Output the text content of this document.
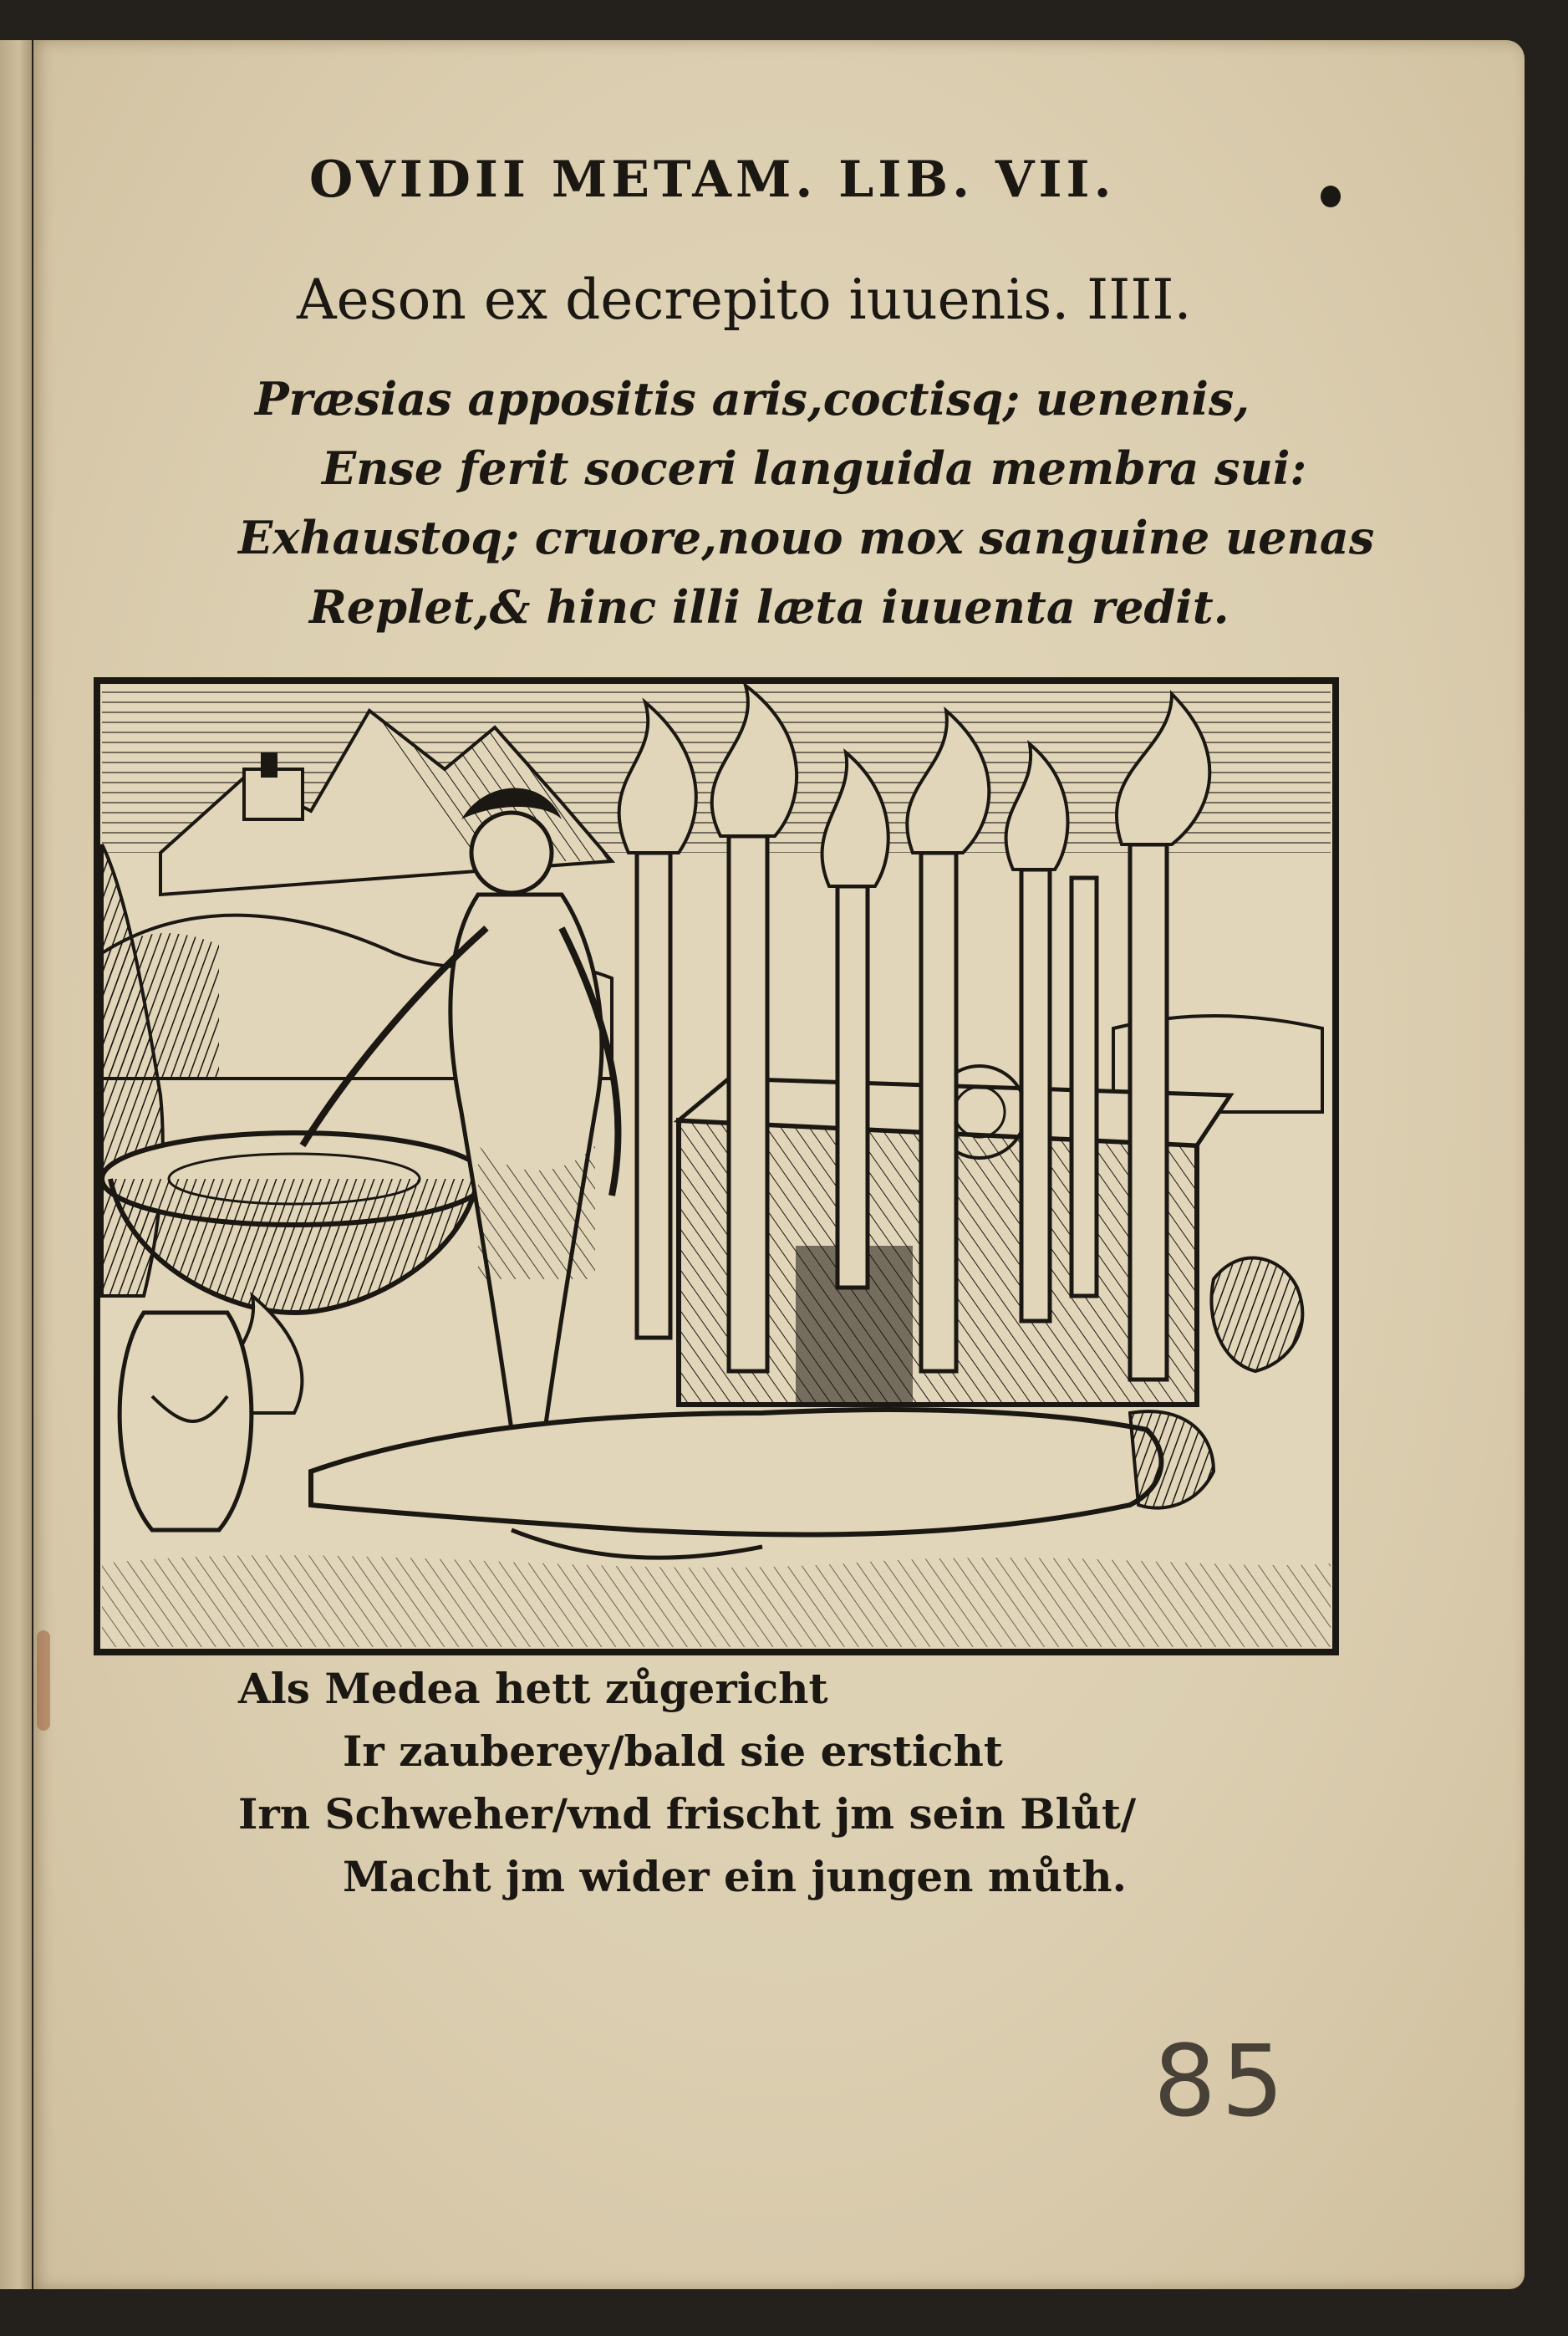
OVIDII METAM. LIB. VII.
Aeson ex decrepito iuuenis. IIII.
Præsias appositis aris,coctisq; uenenis,
Ense ferit soceri languida membra sui:
Exhaustoq; cruore,nouo mox sanguine uenas
Replet,& hinc illi læta iuuenta redit.
Als Medea hett zůgericht
Ir zauberey/bald sie ersticht
Irn Schweher/vnd frischt jm sein Blůt/
Macht jm wider ein jungen můth.
85
